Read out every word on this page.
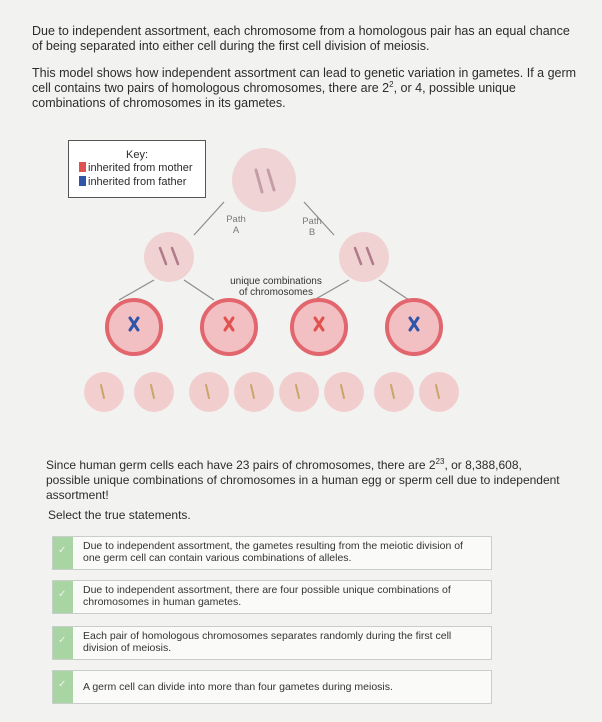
Due to independent assortment, each chromosome from a homologous pair has an equal chance of being separated into either cell during the first cell division of meiosis.

This model shows how independent assortment can lead to genetic variation in gametes. If a germ cell contains two pairs of homologous chromosomes, there are $2^2$, or 4, possible unique combinations of chromosomes in its gametes.

Key:
inherited from mother
inherited from father
Path
A
Path
B
unique combinations
of chromosomes

Since human germ cells each have 23 pairs of chromosomes, there are $2^{23}$, or 8,388,608, possible unique combinations of chromosomes in a human egg or sperm cell due to independent assortment!

Select the true statements.

✓
Due to independent assortment, the gametes resulting from the meiotic division of one germ cell can contain various combinations of alleles.
✓
Due to independent assortment, there are four possible unique combinations of chromosomes in human gametes.
✓
Each pair of homologous chromosomes separates randomly during the first cell division of meiosis.
✓
A germ cell can divide into more than four gametes during meiosis.
